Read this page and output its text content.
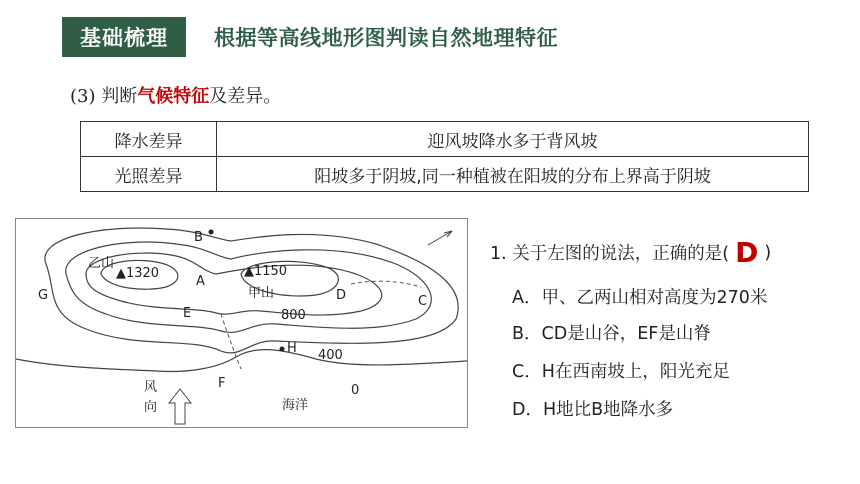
基础梳理	根据等高线地形图判读自然地理特征
(3) 判断气候特征及差异。
降水差异	迎风坡降水多于背风坡
光照差异	阳坡多于阴坡,同一种植被在阳坡的分布上界高于阴坡
乙山
▲1320	▲1150
甲山
B
A
G
E
D	C
H
F
800
400
0
风
向	海洋
1. 关于左图的说法，正确的是( D )
A．甲、乙两山相对高度为270米
B．CD是山谷，EF是山脊
C．H在西南坡上，阳光充足
D．H地比B地降水多
